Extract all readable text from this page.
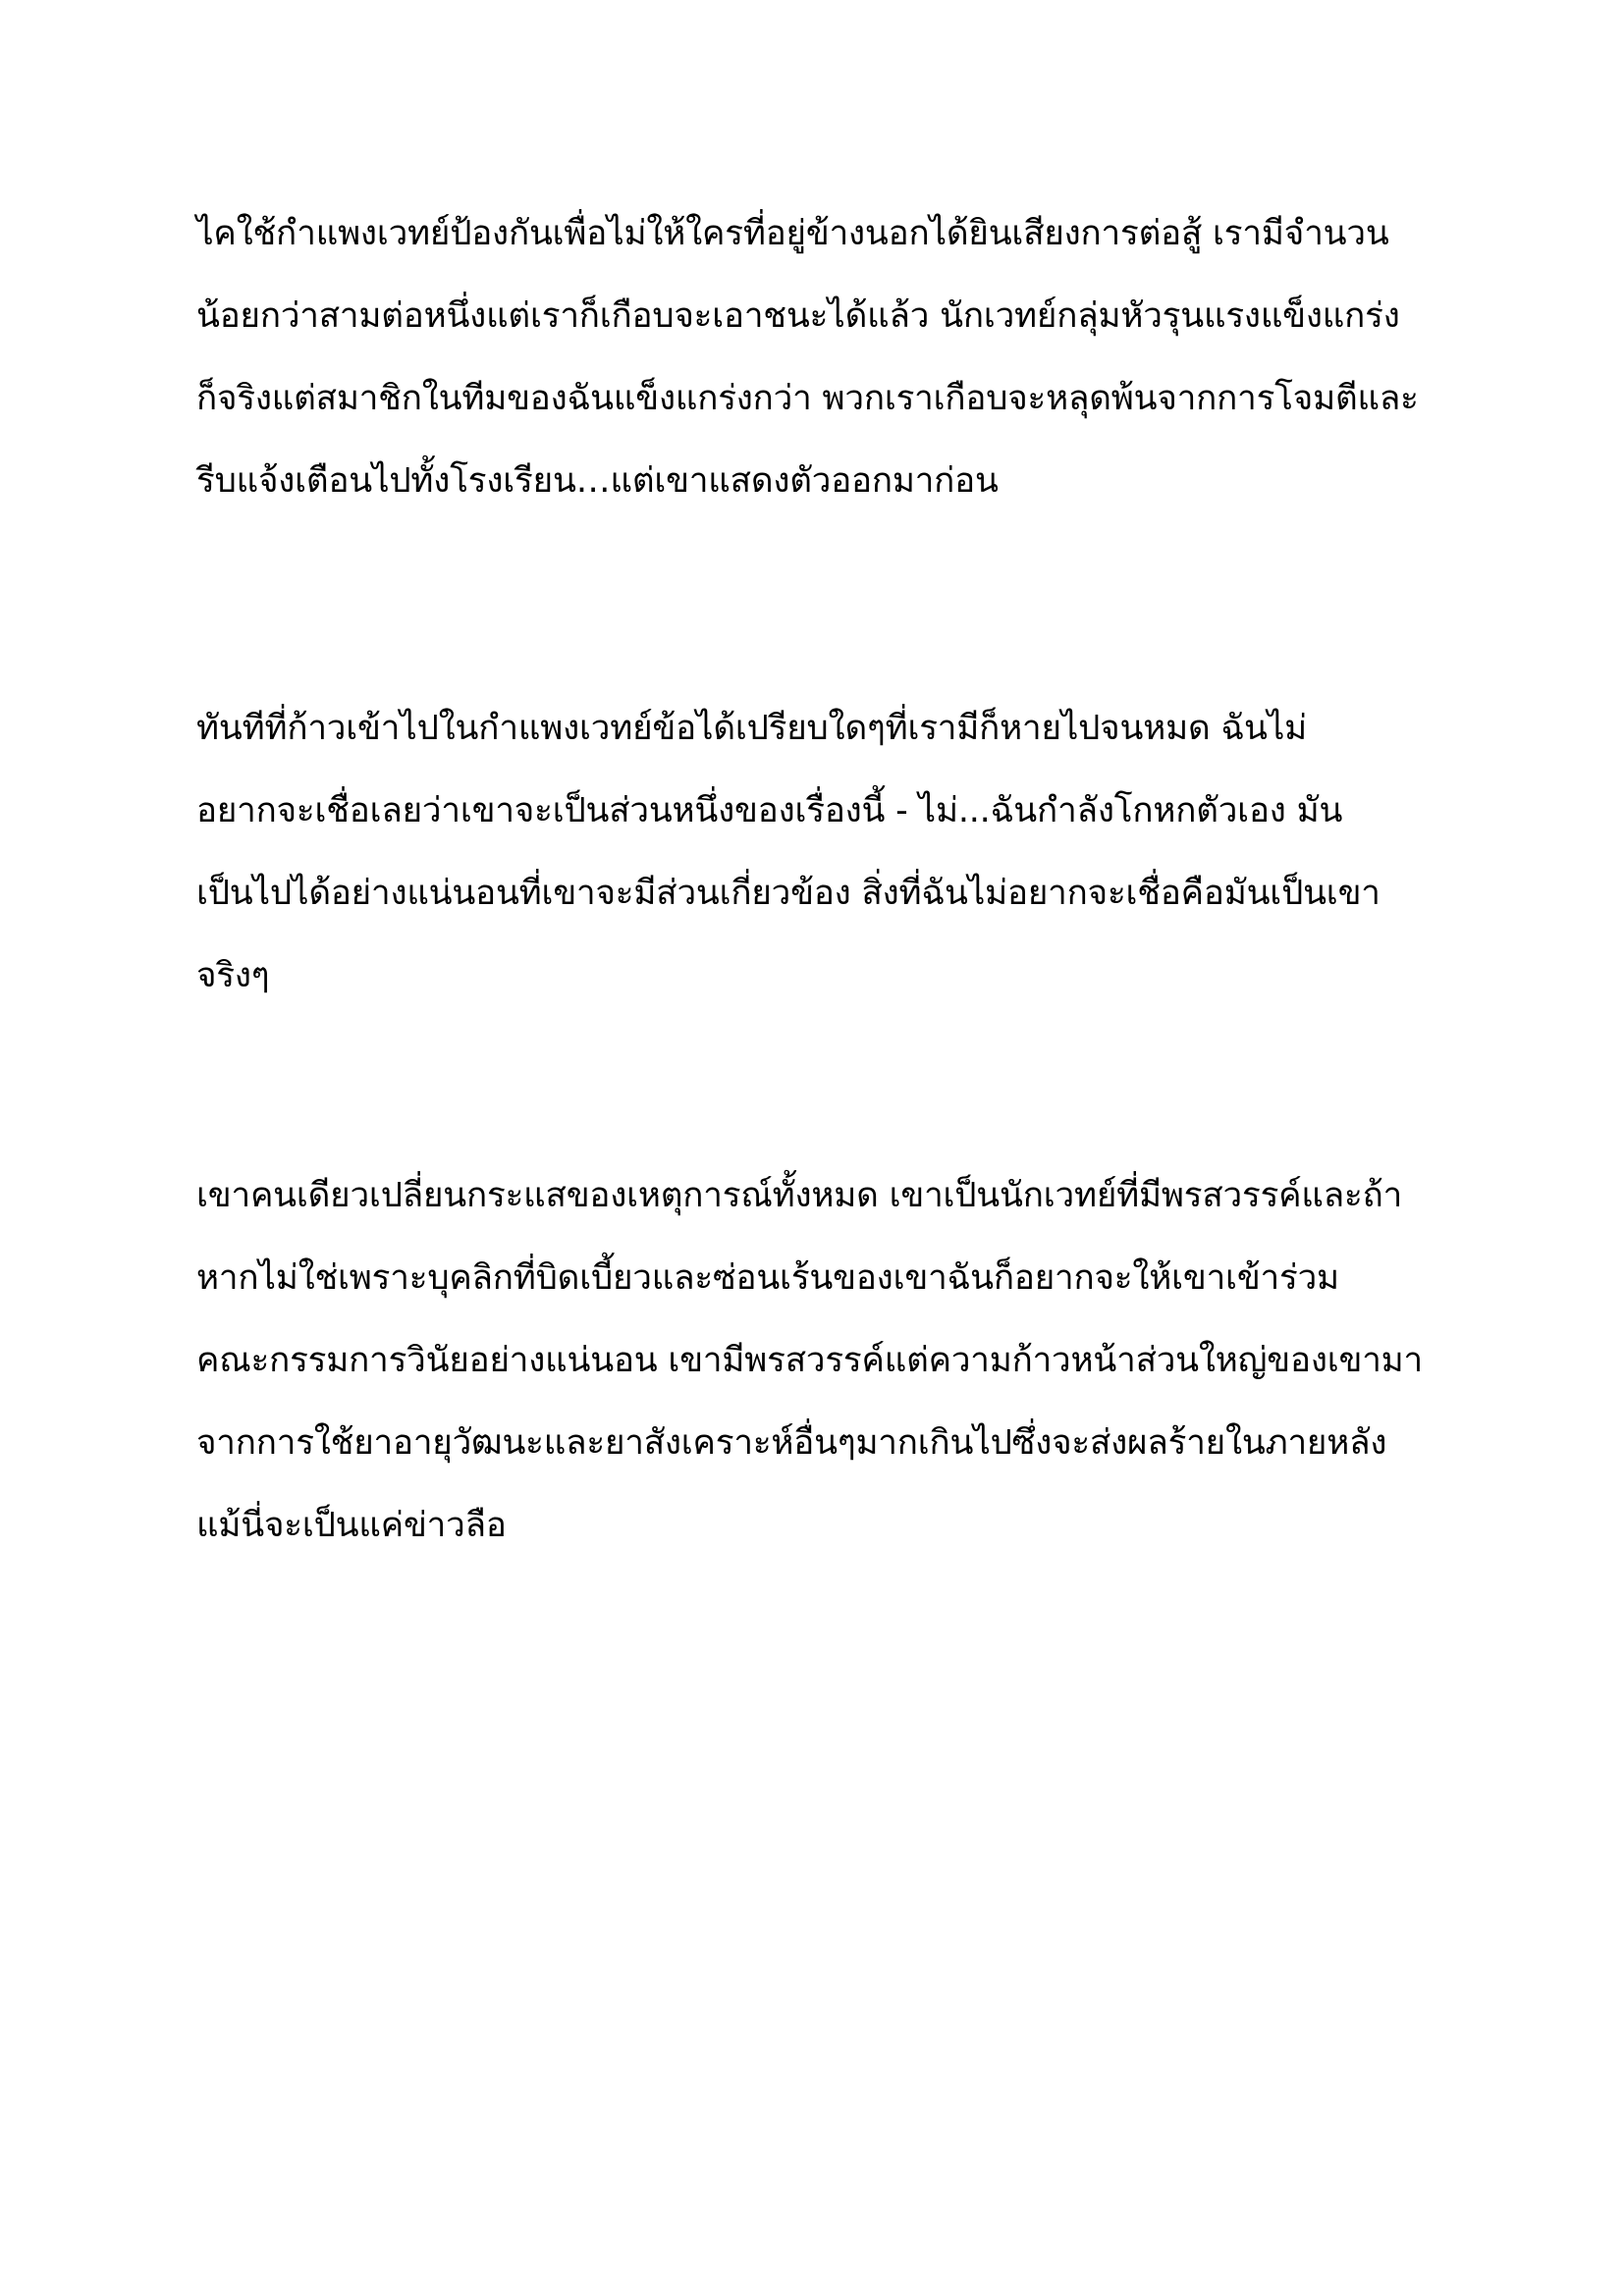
ไคใช้กำแพงเวทย์ป้องกันเพื่อไม่ให้ใครที่อยู่ข้างนอกได้ยินเสียงการต่อสู้ เรามีจำนวน
น้อยกว่าสามต่อหนึ่งแต่เราก็เกือบจะเอาชนะได้แล้ว นักเวทย์กลุ่มหัวรุนแรงแข็งแกร่ง
ก็จริงแต่สมาชิกในทีมของฉันแข็งแกร่งกว่า พวกเราเกือบจะหลุดพ้นจากการโจมตีและ
รีบแจ้งเตือนไปทั้งโรงเรียน…แต่เขาแสดงตัวออกมาก่อน
ทันทีที่ก้าวเข้าไปในกำแพงเวทย์ข้อได้เปรียบใดๆที่เรามีก็หายไปจนหมด ฉันไม่
อยากจะเชื่อเลยว่าเขาจะเป็นส่วนหนึ่งของเรื่องนี้ - ไม่...ฉันกำลังโกหกตัวเอง มัน
เป็นไปได้อย่างแน่นอนที่เขาจะมีส่วนเกี่ยวข้อง สิ่งที่ฉันไม่อยากจะเชื่อคือมันเป็นเขา
จริงๆ
เขาคนเดียวเปลี่ยนกระแสของเหตุการณ์ทั้งหมด เขาเป็นนักเวทย์ที่มีพรสวรรค์และถ้า
หากไม่ใช่เพราะบุคลิกที่บิดเบี้ยวและซ่อนเร้นของเขาฉันก็อยากจะให้เขาเข้าร่วม
คณะกรรมการวินัยอย่างแน่นอน เขามีพรสวรรค์แต่ความก้าวหน้าส่วนใหญ่ของเขามา
จากการใช้ยาอายุวัฒนะและยาสังเคราะห์อื่นๆมากเกินไปซึ่งจะส่งผลร้ายในภายหลัง
แม้นี่จะเป็นแค่ข่าวลือ
